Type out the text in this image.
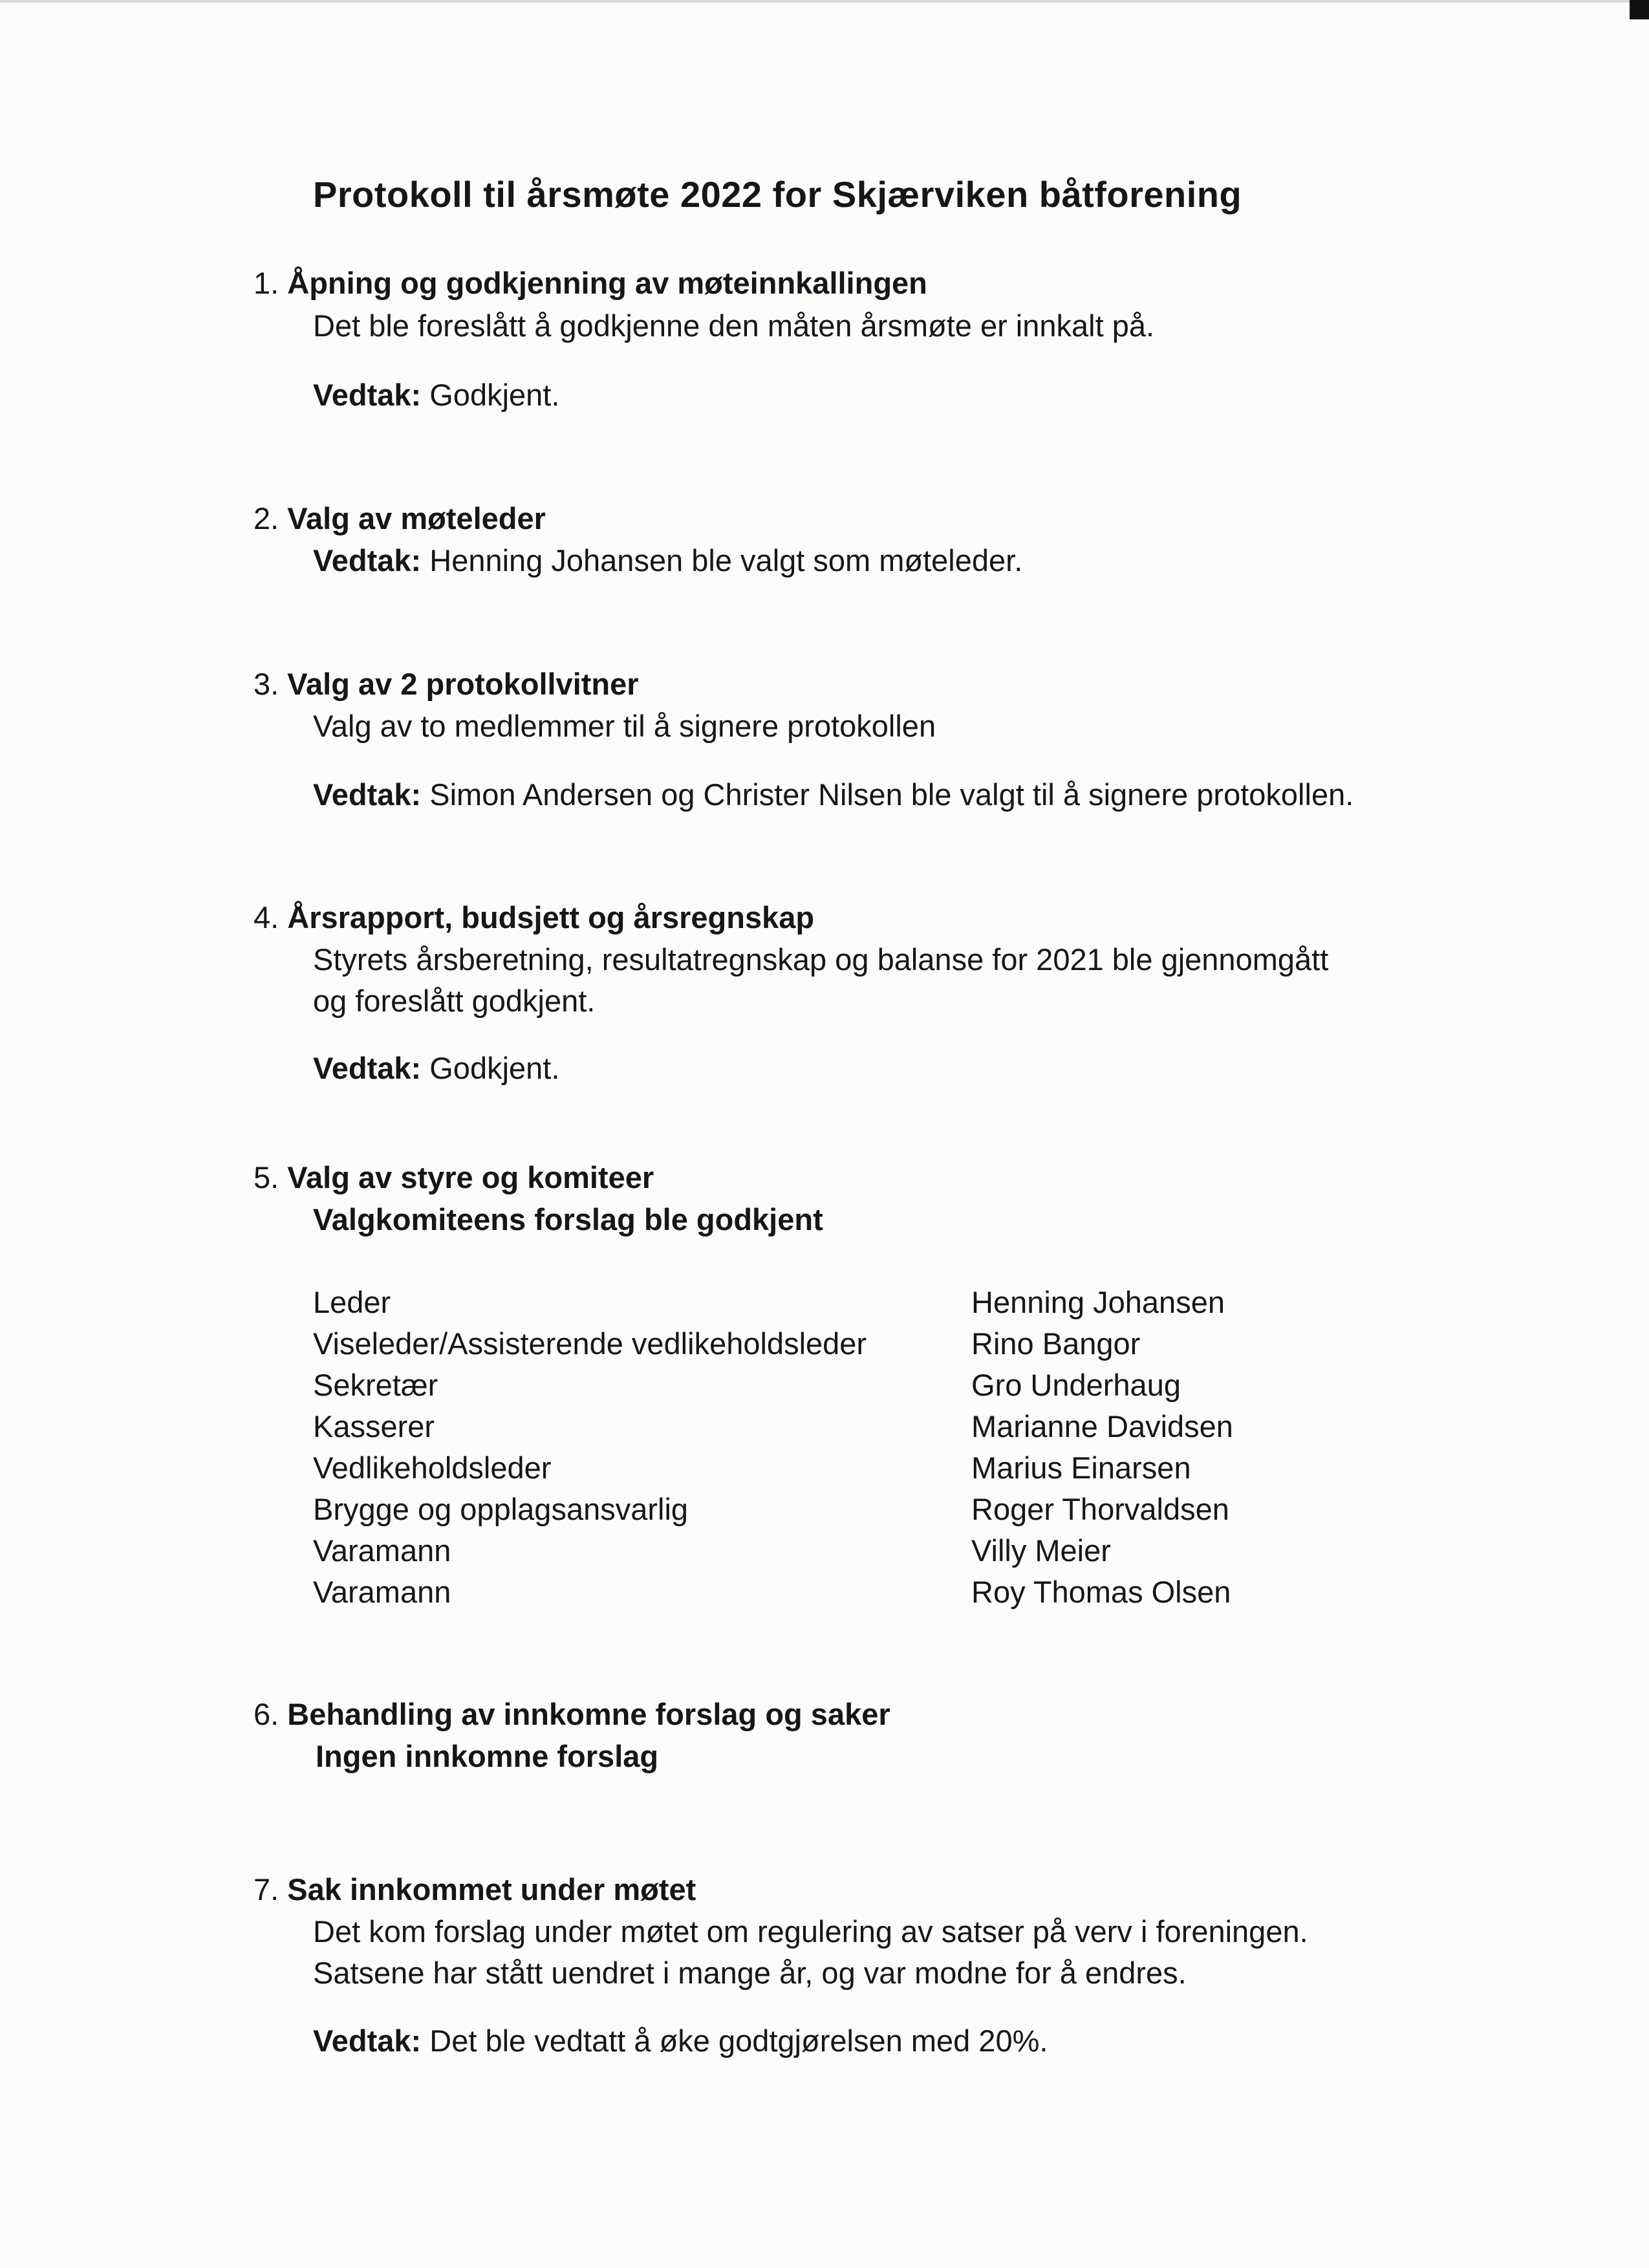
Protokoll til årsmøte 2022 for Skjærviken båtforening
1. Åpning og godkjenning av møteinnkallingen
Det ble foreslått å godkjenne den måten årsmøte er innkalt på.
Vedtak: Godkjent.
2. Valg av møteleder
Vedtak: Henning Johansen ble valgt som møteleder.
3. Valg av 2 protokollvitner
Valg av to medlemmer til å signere protokollen
Vedtak: Simon Andersen og Christer Nilsen ble valgt til å signere protokollen.
4. Årsrapport, budsjett og årsregnskap
Styrets årsberetning, resultatregnskap og balanse for 2021 ble gjennomgått
og foreslått godkjent.
Vedtak: Godkjent.
5. Valg av styre og komiteer
Valgkomiteens forslag ble godkjent
Leder	Henning Johansen
Viseleder/Assisterende vedlikeholdsleder	Rino Bangor
Sekretær	Gro Underhaug
Kasserer	Marianne Davidsen
Vedlikeholdsleder	Marius Einarsen
Brygge og opplagsansvarlig	Roger Thorvaldsen
Varamann	Villy Meier
Varamann	Roy Thomas Olsen
6. Behandling av innkomne forslag og saker
Ingen innkomne forslag
7. Sak innkommet under møtet
Det kom forslag under møtet om regulering av satser på verv i foreningen.
Satsene har stått uendret i mange år, og var modne for å endres.
Vedtak: Det ble vedtatt å øke godtgjørelsen med 20%.
